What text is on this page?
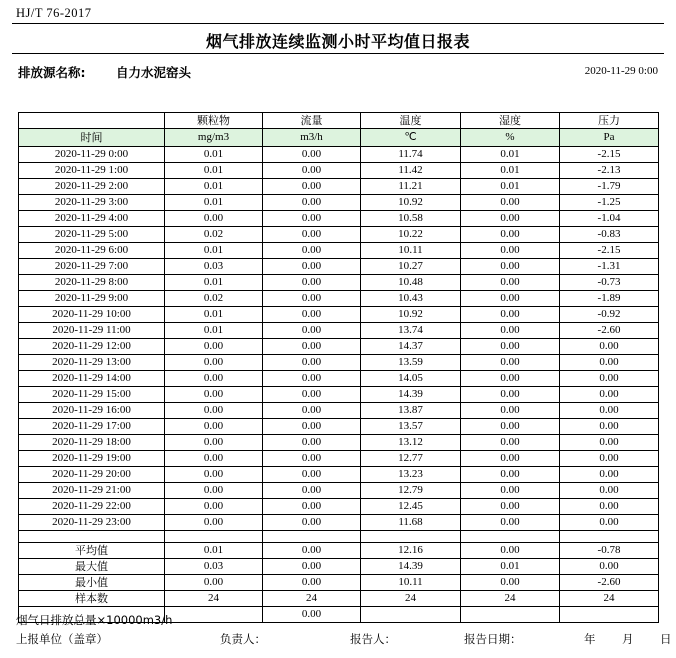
HJ/T 76-2017
烟气排放连续监测小时平均值日报表
排放源名称: 自力水泥窑头	2020-11-29 0:00
	颗粒物	流量	温度	湿度	压力
时间	mg/m3	m3/h	℃	%	Pa
2020-11-29 0:00	0.01	0.00	11.74	0.01	-2.15
2020-11-29 1:00	0.01	0.00	11.42	0.01	-2.13
2020-11-29 2:00	0.01	0.00	11.21	0.01	-1.79
2020-11-29 3:00	0.01	0.00	10.92	0.00	-1.25
2020-11-29 4:00	0.00	0.00	10.58	0.00	-1.04
2020-11-29 5:00	0.02	0.00	10.22	0.00	-0.83
2020-11-29 6:00	0.01	0.00	10.11	0.00	-2.15
2020-11-29 7:00	0.03	0.00	10.27	0.00	-1.31
2020-11-29 8:00	0.01	0.00	10.48	0.00	-0.73
2020-11-29 9:00	0.02	0.00	10.43	0.00	-1.89
2020-11-29 10:00	0.01	0.00	10.92	0.00	-0.92
2020-11-29 11:00	0.01	0.00	13.74	0.00	-2.60
2020-11-29 12:00	0.00	0.00	14.37	0.00	0.00
2020-11-29 13:00	0.00	0.00	13.59	0.00	0.00
2020-11-29 14:00	0.00	0.00	14.05	0.00	0.00
2020-11-29 15:00	0.00	0.00	14.39	0.00	0.00
2020-11-29 16:00	0.00	0.00	13.87	0.00	0.00
2020-11-29 17:00	0.00	0.00	13.57	0.00	0.00
2020-11-29 18:00	0.00	0.00	13.12	0.00	0.00
2020-11-29 19:00	0.00	0.00	12.77	0.00	0.00
2020-11-29 20:00	0.00	0.00	13.23	0.00	0.00
2020-11-29 21:00	0.00	0.00	12.79	0.00	0.00
2020-11-29 22:00	0.00	0.00	12.45	0.00	0.00
2020-11-29 23:00	0.00	0.00	11.68	0.00	0.00

平均值	0.01	0.00	12.16	0.00	-0.78
最大值	0.03	0.00	14.39	0.01	0.00
最小值	0.00	0.00	10.11	0.00	-2.60
样本数	24	24	24	24	24
		0.00			
烟气日排放总量×10000m3/h
上报单位（盖章）	负责人：	报告人：	报告日期：	年 月 日
